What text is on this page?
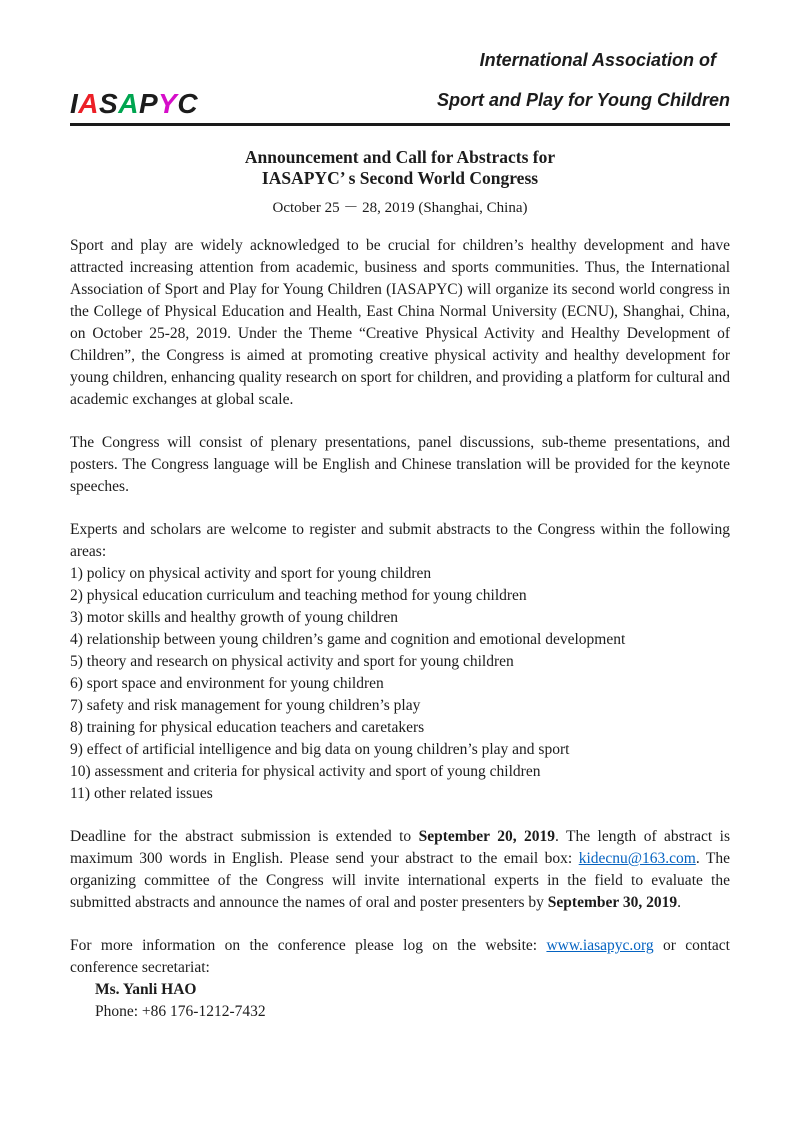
IASAPYC
International Association of
Sport and Play for Young Children
Announcement and Call for Abstracts for
IASAPYC’ s Second World Congress
October 25 － 28, 2019 (Shanghai, China)

Sport and play are widely acknowledged to be crucial for children’s healthy development and have attracted increasing attention from academic, business and sports communities. Thus, the International Association of Sport and Play for Young Children (IASAPYC) will organize its second world congress in the College of Physical Education and Health, East China Normal University (ECNU), Shanghai, China, on October 25-28, 2019. Under the Theme “Creative Physical Activity and Healthy Development of Children”, the Congress is aimed at promoting creative physical activity and healthy development for young children, enhancing quality research on sport for children, and providing a platform for cultural and academic exchanges at global scale.

The Congress will consist of plenary presentations, panel discussions, sub-theme presentations, and posters. The Congress language will be English and Chinese translation will be provided for the keynote speeches.

Experts and scholars are welcome to register and submit abstracts to the Congress within the following areas:

1) policy on physical activity and sport for young children
2) physical education curriculum and teaching method for young children
3) motor skills and healthy growth of young children
4) relationship between young children’s game and cognition and emotional development
5) theory and research on physical activity and sport for young children
6) sport space and environment for young children
7) safety and risk management for young children’s play
8) training for physical education teachers and caretakers
9) effect of artificial intelligence and big data on young children’s play and sport
10) assessment and criteria for physical activity and sport of young children
11) other related issues

Deadline for the abstract submission is extended to September 20, 2019. The length of abstract is maximum 300 words in English. Please send your abstract to the email box: kidecnu@163.com. The organizing committee of the Congress will invite international experts in the field to evaluate the submitted abstracts and announce the names of oral and poster presenters by September 30, 2019.

For more information on the conference please log on the website: www.iasapyc.org or contact conference secretariat:

Ms. Yanli HAO
Phone: +86 176-1212-7432
